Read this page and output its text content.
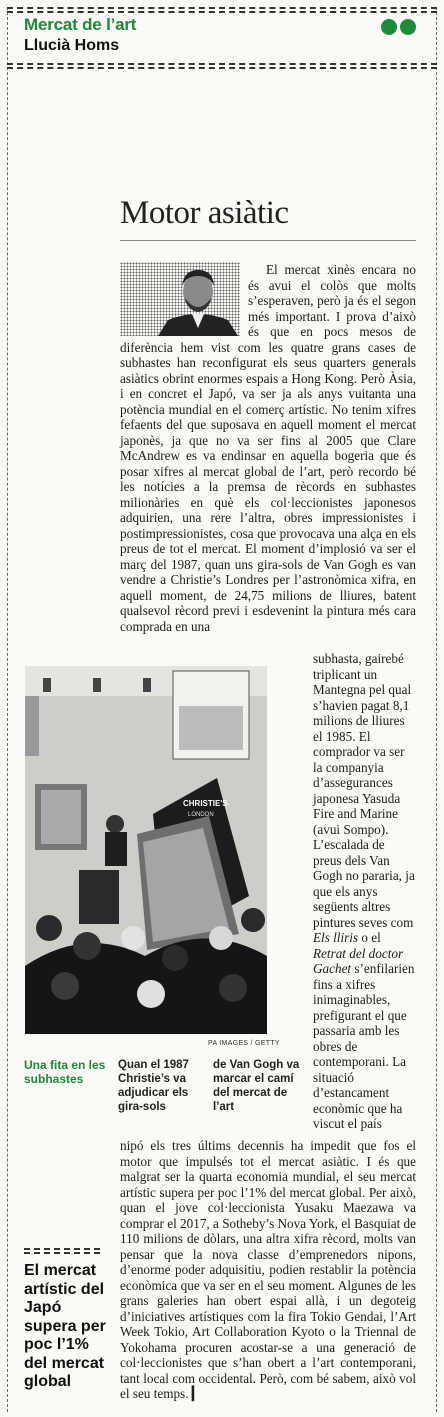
Mercat de l’art
Llucià Homs
Motor asiàtic
El mercat xinès encara no és avui el colòs que molts s’esperaven, però ja és el segon més important. I prova d’això és que en pocs mesos de diferència hem vist com les quatre grans cases de subhastes han reconfigurat els seus quarters generals asiàtics obrint enormes espais a Hong Kong. Però Àsia, i en concret el Japó, va ser ja als anys vuitanta una potència mundial en el comerç artístic. No tenim xifres fefaents del que suposava en aquell moment el mercat japonès, ja que no va ser fins al 2005 que Clare McAndrew es va endinsar en aquella bogeria que és posar xifres al mercat global de l’art, però recordo bé les notícies a la premsa de rècords en subhastes milionàries en què els col·leccionistes japonesos adquirien, una rere l’altra, obres impressionistes i postimpressionistes, cosa que provocava una alça en els preus de tot el mercat. El moment d’implosió va ser el març del 1987, quan uns gira-sols de Van Gogh es van vendre a Christie’s Londres per l’astronòmica xifra, en aquell moment, de 24,75 milions de lliures, batent qualsevol rècord previ i esdevenint la pintura més cara comprada en una
CHRISTIE'S
LONDON
PA IMAGES / GETTY
subhasta, gairebé triplicant un Mantegna pel qual s’havien pagat 8,1 milions de lliures el 1985. El comprador va ser la companyia d’assegurances japonesa Yasuda Fire and Marine (avui Sompo). L’escalada de preus dels Van Gogh no pararia, ja que els anys següents altres pintures seves com Els lliris o el Retrat del doctor Gachet s’enfilarien fins a xifres inimaginables, prefigurant el que passaria amb les obres de contemporani. La situació d’estancament econòmic que ha viscut el país
Una fita en les subhastes
Quan el 1987 Christie’s va adjudicar els gira-sols
de Van Gogh va marcar el camí del mercat de l’art
nipó els tres últims decennis ha impedit que fos el motor que impulsés tot el mercat asiàtic. I és que malgrat ser la quarta economia mundial, el seu mercat artístic supera per poc l’1% del mercat global. Per això, quan el jove col·leccionista Yusaku Maezawa va comprar el 2017, a Sotheby’s Nova York, el Basquiat de 110 milions de dòlars, una altra xifra rècord, molts van pensar que la nova classe d’emprenedors nipons, d’enorme poder adquisitiu, podien restablir la potència econòmica que va ser en el seu moment. Algunes de les grans galeries han obert espai allà, i un degoteig d’iniciatives artístiques com la fira Tokio Gendai, l’Art Week Tokio, Art Collaboration Kyoto o la Triennal de Yokohama procuren acostar-se a una generació de col·leccionistes que s’han obert a l’art contemporani, tant local com occidental. Però, com bé sabem, això vol el seu temps. ▎
El mercat artístic del Japó supera per poc l’1% del mercat global
